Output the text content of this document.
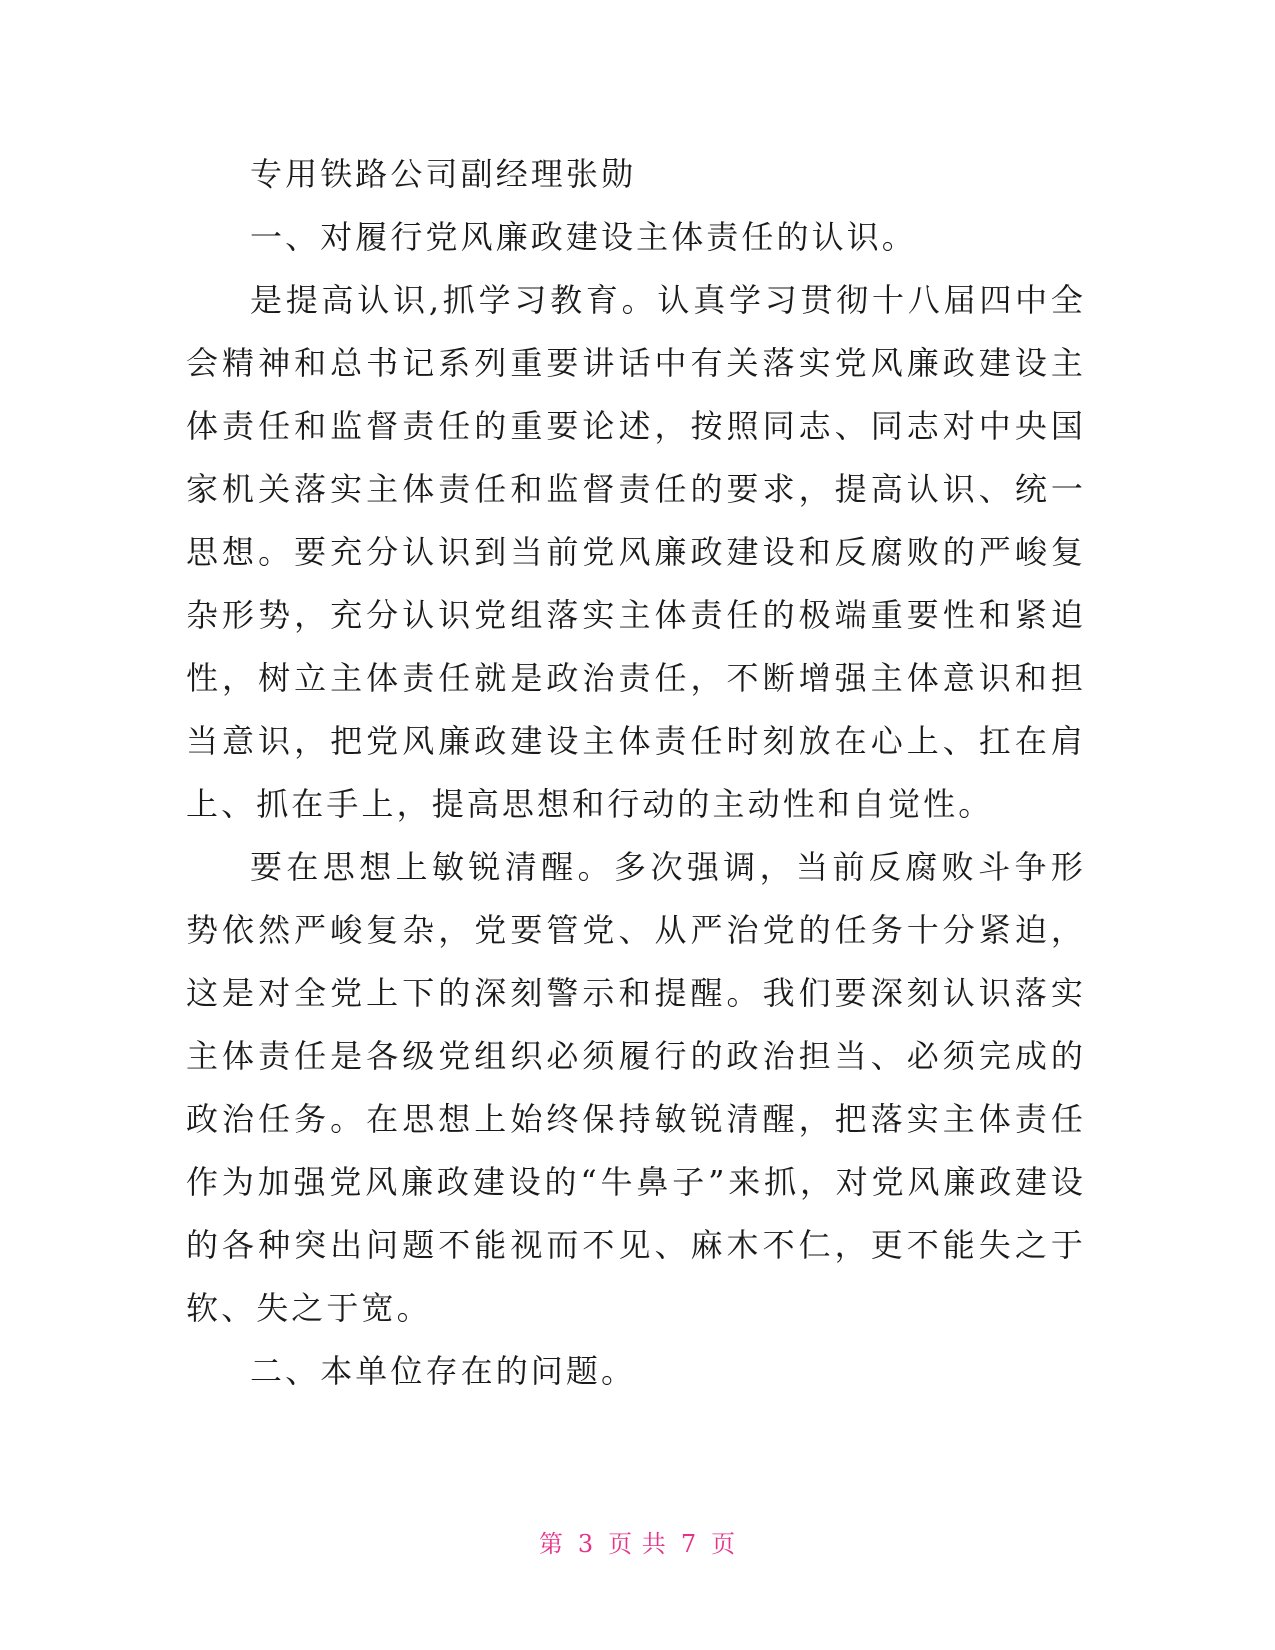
专用铁路公司副经理张勋

一、对履行党风廉政建设主体责任的认识。

是提高认识,抓学习教育。认真学习贯彻十八届四中全会精神和总书记系列重要讲话中有关落实党风廉政建设主体责任和监督责任的重要论述，按照同志、同志对中央国家机关落实主体责任和监督责任的要求，提高认识、统一思想。要充分认识到当前党风廉政建设和反腐败的严峻复杂形势，充分认识党组落实主体责任的极端重要性和紧迫性，树立主体责任就是政治责任，不断增强主体意识和担当意识，把党风廉政建设主体责任时刻放在心上、扛在肩上、抓在手上，提高思想和行动的主动性和自觉性。

要在思想上敏锐清醒。多次强调，当前反腐败斗争形势依然严峻复杂，党要管党、从严治党的任务十分紧迫，这是对全党上下的深刻警示和提醒。我们要深刻认识落实主体责任是各级党组织必须履行的政治担当、必须完成的政治任务。在思想上始终保持敏锐清醒，把落实主体责任作为加强党风廉政建设的“牛鼻子”来抓，对党风廉政建设的各种突出问题不能视而不见、麻木不仁，更不能失之于软、失之于宽。

二、本单位存在的问题。

第 3 页 共 7 页
